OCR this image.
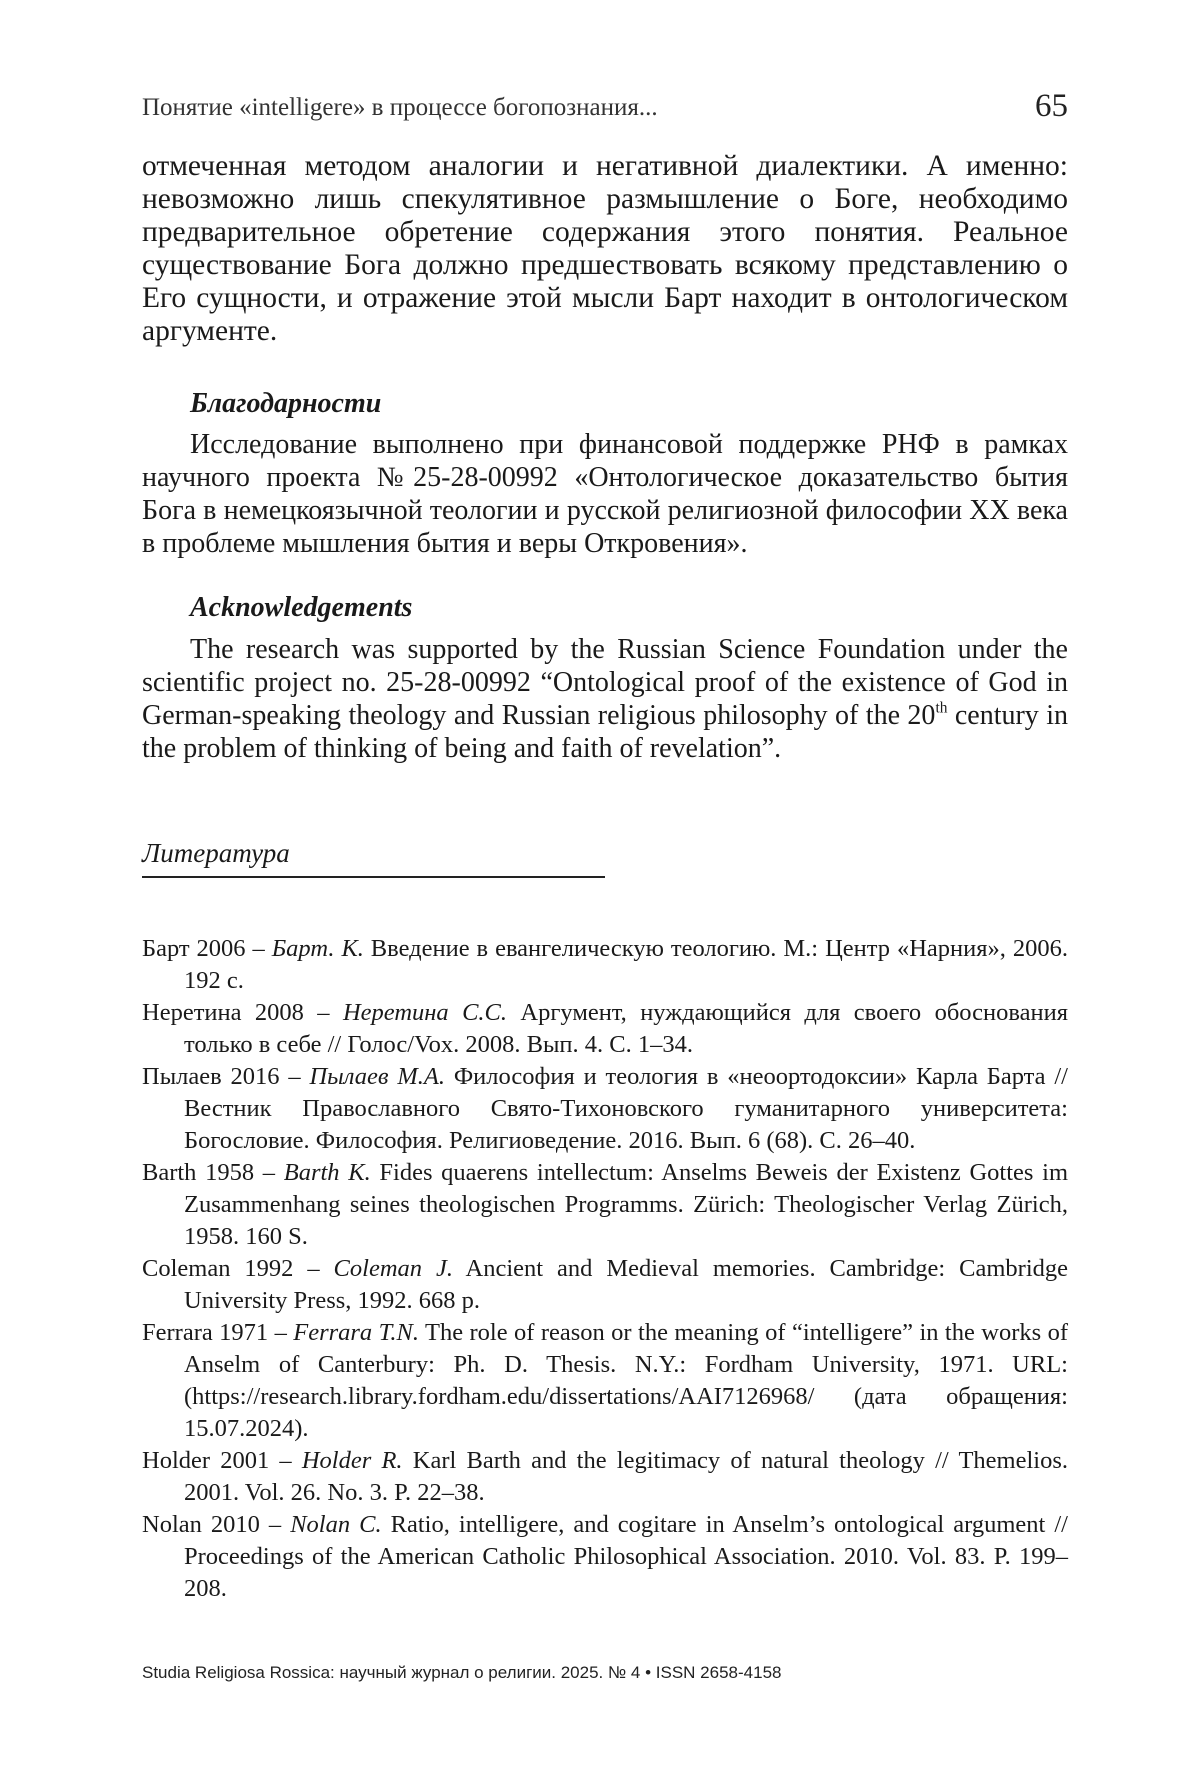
Понятие «intelligere» в процессе богопознания...	65

отмеченная методом аналогии и негативной диалектики. А именно: невозможно лишь спекулятивное размышление о Боге, необходимо предварительное обретение содержания этого понятия. Реальное существование Бога должно предшествовать всякому представлению о Его сущности, и отражение этой мысли Барт находит в онтологическом аргументе.

Благодарности

Исследование выполнено при финансовой поддержке РНФ в рамках научного проекта №25-28-00992 «Онтологическое доказательство бытия Бога в немецкоязычной теологии и русской религиозной философии XX века в проблеме мышления бытия и веры Откровения».

Acknowledgements

The research was supported by the Russian Science Foundation under the scientific project no. 25-28-00992 “Ontological proof of the existence of God in German-speaking theology and Russian religious philosophy of the 20th century in the problem of thinking of being and faith of revelation”.

Литература
Барт 2006 – Барт. К. Введение в евангелическую теологию. М.: Центр «Нарния», 2006. 192 с.
Неретина 2008 – Неретина С.С. Аргумент, нуждающийся для своего обоснования только в себе // Голос/Vox. 2008. Вып. 4. С. 1–34.
Пылаев 2016 – Пылаев М.А. Философия и теология в «неоортодоксии» Карла Барта // Вестник Православного Свято-Тихоновского гуманитарного университета: Богословие. Философия. Религиоведение. 2016. Вып. 6 (68). С. 26–40.
Barth 1958 – Barth K. Fides quaerens intellectum: Anselms Beweis der Existenz Gottes im Zusammenhang seines theologischen Programms. Zürich: Theologischer Verlag Zürich, 1958. 160 S.
Coleman 1992 – Coleman J. Ancient and Medieval memories. Cambridge: Cambridge University Press, 1992. 668 p.
Ferrara 1971 – Ferrara T.N. The role of reason or the meaning of “intelligere” in the works of Anselm of Canterbury: Ph. D. Thesis. N.Y.: Fordham University, 1971. URL: (https://research.library.fordham.edu/dissertations/AAI7126968/ (дата обращения: 15.07.2024).
Holder 2001 – Holder R. Karl Barth and the legitimacy of natural theology // Themelios. 2001. Vol. 26. No. 3. P. 22–38.
Nolan 2010 – Nolan C. Ratio, intelligere, and cogitare in Anselm’s ontological argument // Proceedings of the American Catholic Philosophical Association. 2010. Vol. 83. P. 199–208.
Studia Religiosa Rossica: научный журнал о религии. 2025. № 4 • ISSN 2658-4158
